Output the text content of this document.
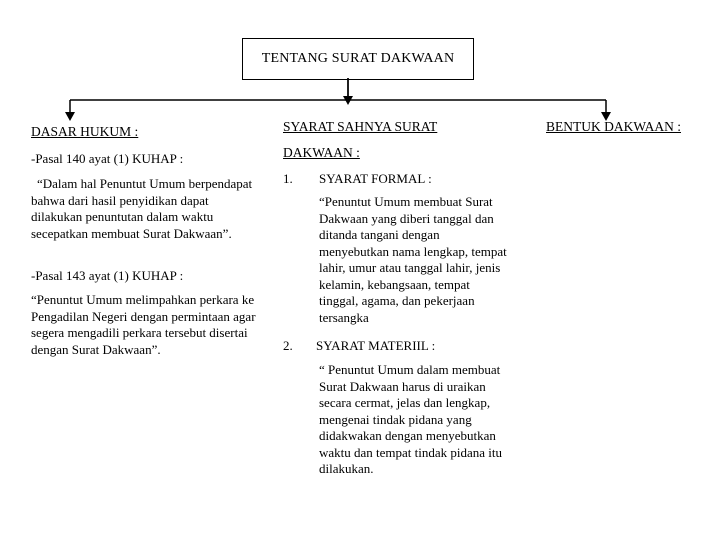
TENTANG SURAT DAKWAAN
DASAR HUKUM :
-Pasal 140 ayat (1) KUHAP :
“Dalam hal Penuntut Umum berpendapat bahwa dari hasil penyidikan dapat dilakukan penuntutan dalam waktu secepatkan membuat Surat Dakwaan”.
-Pasal 143 ayat (1) KUHAP :
“Penuntut Umum melimpahkan perkara ke Pengadilan Negeri dengan permintaan agar segera mengadili perkara tersebut disertai dengan Surat Dakwaan”.
SYARAT SAHNYA SURAT
DAKWAAN :
1. SYARAT FORMAL :
“Penuntut Umum membuat Surat Dakwaan yang diberi tanggal dan ditanda tangani dengan menyebutkan nama lengkap, tempat lahir, umur atau tanggal lahir, jenis kelamin, kebangsaan, tempat tinggal, agama, dan pekerjaan tersangka
2. SYARAT MATERIIL :
“ Penuntut Umum dalam membuat Surat Dakwaan harus di uraikan secara cermat, jelas dan lengkap, mengenai tindak pidana yang didakwakan dengan menyebutkan waktu dan tempat tindak pidana itu dilakukan.
BENTUK DAKWAAN :
